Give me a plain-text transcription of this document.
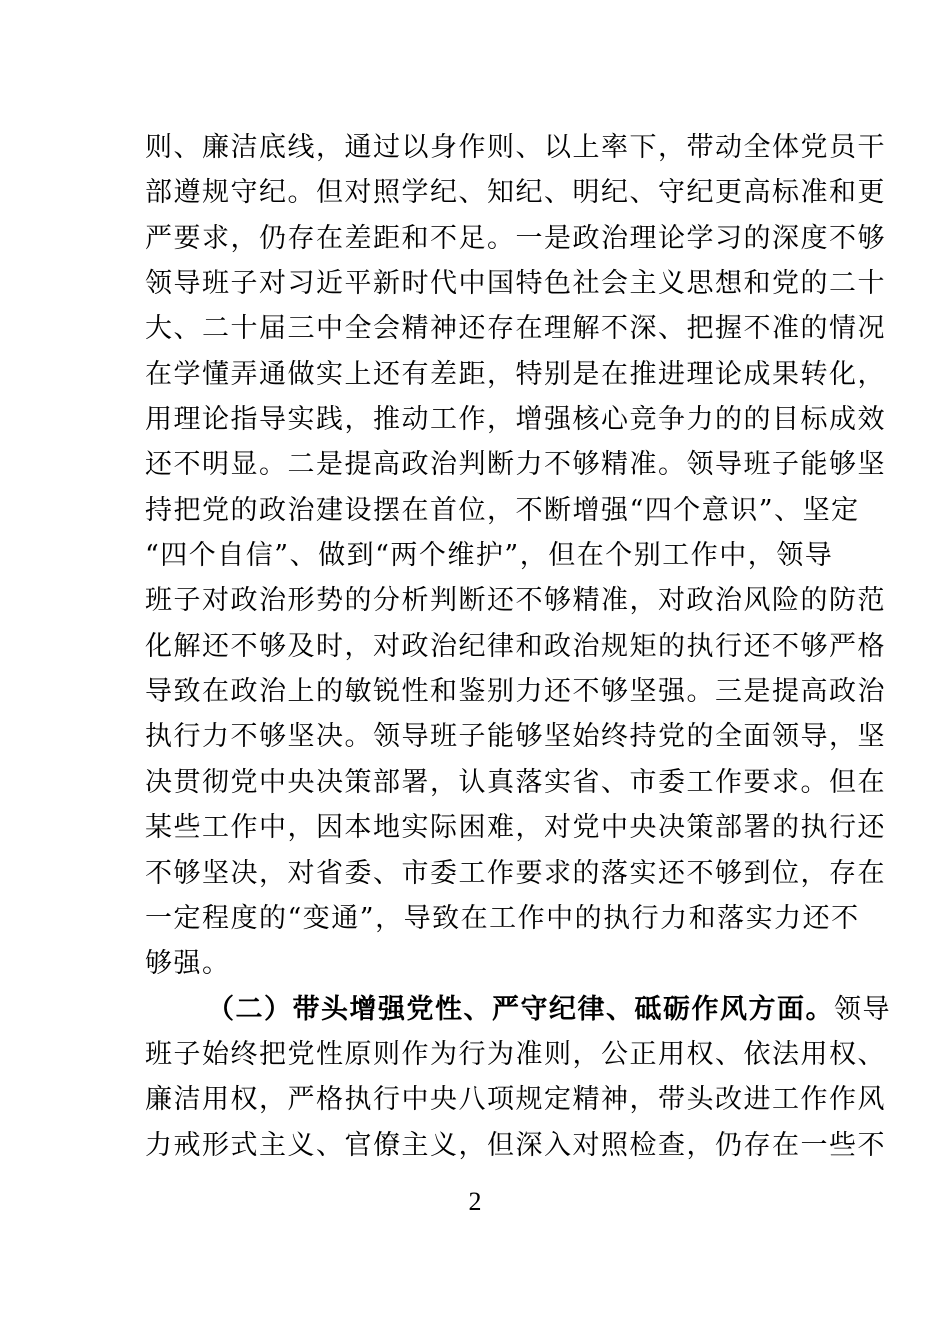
则、廉洁底线，通过以身作则、以上率下，带动全体党员干
部遵规守纪。但对照学纪、知纪、明纪、守纪更高标准和更
严要求，仍存在差距和不足。一是政治理论学习的深度不够
领导班子对习近平新时代中国特色社会主义思想和党的二十
大、二十届三中全会精神还存在理解不深、把握不准的情况
在学懂弄通做实上还有差距，特别是在推进理论成果转化，
用理论指导实践，推动工作，增强核心竞争力的的目标成效
还不明显。二是提高政治判断力不够精准。领导班子能够坚
持把党的政治建设摆在首位，不断增强“四个意识”、坚定
“四个自信”、做到“两个维护”，但在个别工作中，领导
班子对政治形势的分析判断还不够精准，对政治风险的防范
化解还不够及时，对政治纪律和政治规矩的执行还不够严格
导致在政治上的敏锐性和鉴别力还不够坚强。三是提高政治
执行力不够坚决。领导班子能够坚始终持党的全面领导，坚
决贯彻党中央决策部署，认真落实省、市委工作要求。但在
某些工作中，因本地实际困难，对党中央决策部署的执行还
不够坚决，对省委、市委工作要求的落实还不够到位，存在
一定程度的“变通”，导致在工作中的执行力和落实力还不
够强。
（二）带头增强党性、严守纪律、砥砺作风方面。领导
班子始终把党性原则作为行为准则，公正用权、依法用权、
廉洁用权，严格执行中央八项规定精神，带头改进工作作风
力戒形式主义、官僚主义，但深入对照检查，仍存在一些不
2
